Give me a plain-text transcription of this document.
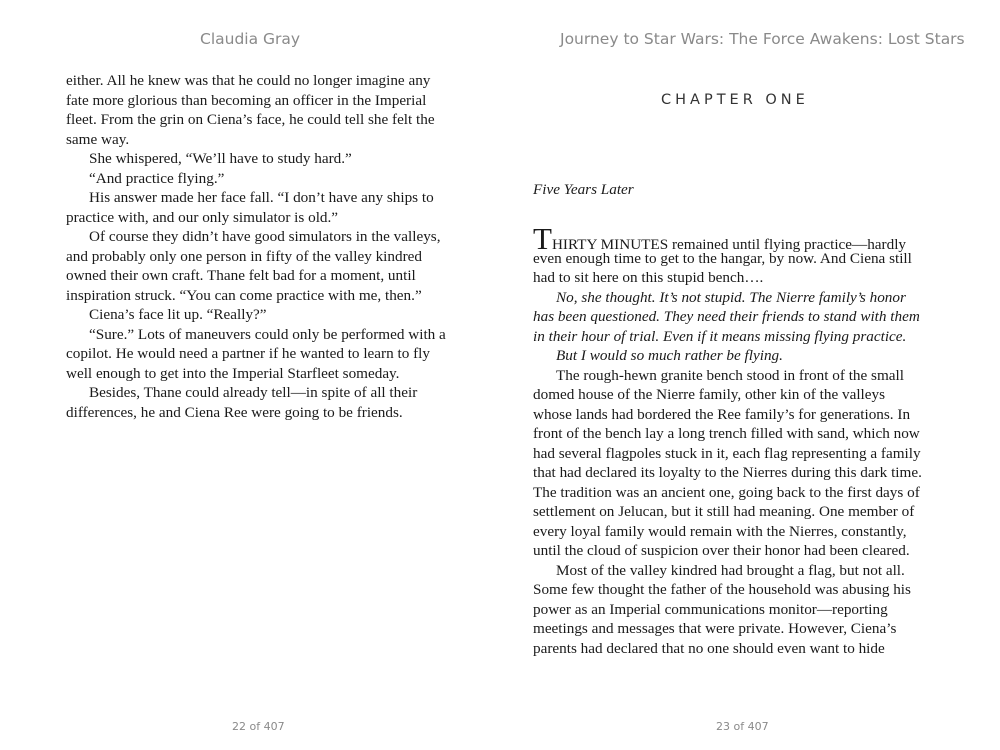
Claudia Gray
either. All he knew was that he could no longer imagine any
fate more glorious than becoming an officer in the Imperial
fleet. From the grin on Ciena’s face, he could tell she felt the
same way.
She whispered, “We’ll have to study hard.”
“And practice flying.”
His answer made her face fall. “I don’t have any ships to
practice with, and our only simulator is old.”
Of course they didn’t have good simulators in the valleys,
and probably only one person in fifty of the valley kindred
owned their own craft. Thane felt bad for a moment, until
inspiration struck. “You can come practice with me, then.”
Ciena’s face lit up. “Really?”
“Sure.” Lots of maneuvers could only be performed with a
copilot. He would need a partner if he wanted to learn to fly
well enough to get into the Imperial Starfleet someday.
Besides, Thane could already tell—in spite of all their
differences, he and Ciena Ree were going to be friends.
22 of 407
Journey to Star Wars: The Force Awakens: Lost Stars
CHAPTER ONE
Five Years Later
THIRTY MINUTES remained until flying practice—hardly
even enough time to get to the hangar, by now. And Ciena still
had to sit here on this stupid bench….
No, she thought. It’s not stupid. The Nierre family’s honor
has been questioned. They need their friends to stand with them
in their hour of trial. Even if it means missing flying practice.
But I would so much rather be flying.
The rough-hewn granite bench stood in front of the small
domed house of the Nierre family, other kin of the valleys
whose lands had bordered the Ree family’s for generations. In
front of the bench lay a long trench filled with sand, which now
had several flagpoles stuck in it, each flag representing a family
that had declared its loyalty to the Nierres during this dark time.
The tradition was an ancient one, going back to the first days of
settlement on Jelucan, but it still had meaning. One member of
every loyal family would remain with the Nierres, constantly,
until the cloud of suspicion over their honor had been cleared.
Most of the valley kindred had brought a flag, but not all.
Some few thought the father of the household was abusing his
power as an Imperial communications monitor—reporting
meetings and messages that were private. However, Ciena’s
parents had declared that no one should even want to hide
23 of 407
